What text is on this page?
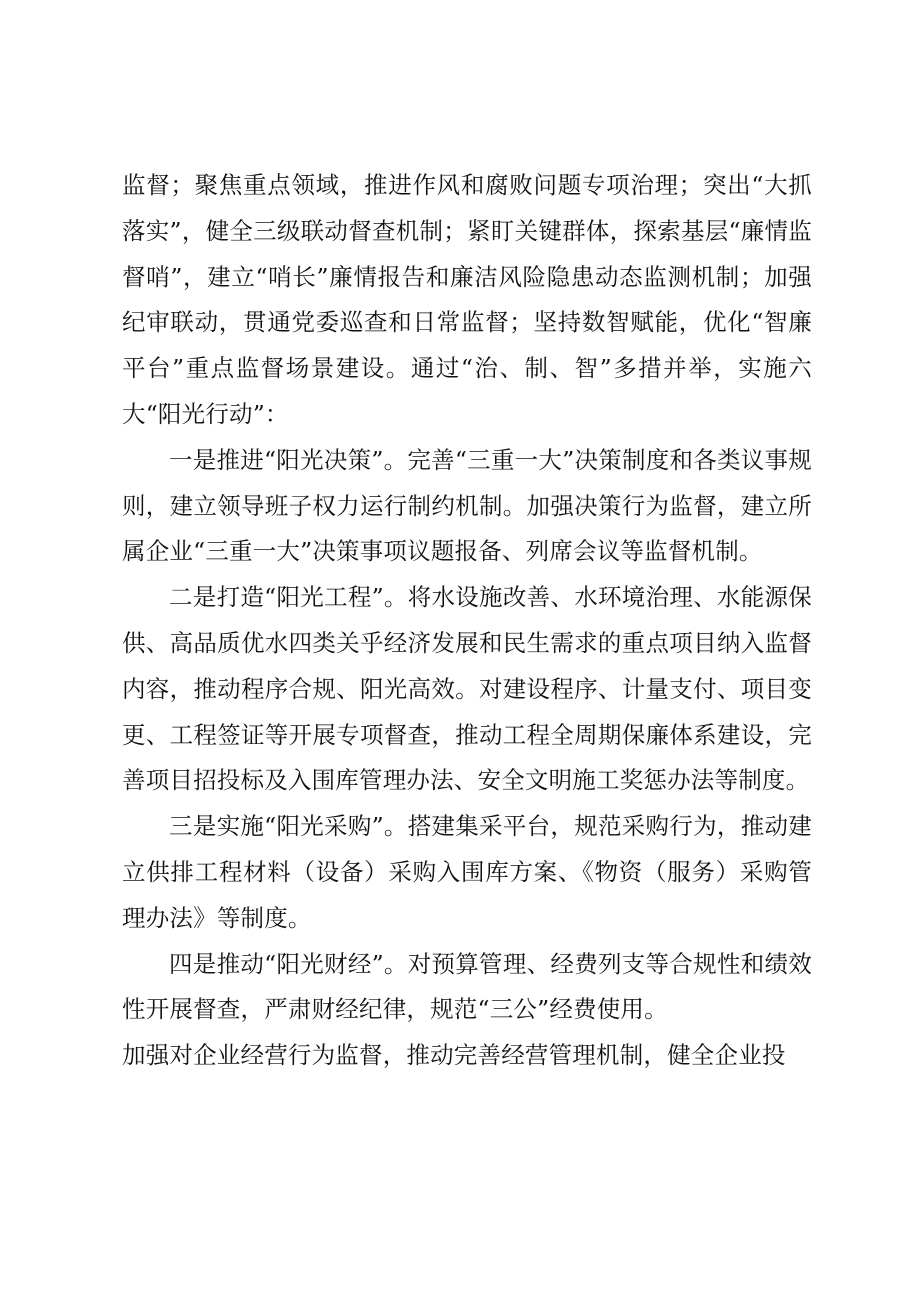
监督；聚焦重点领域，推进作风和腐败问题专项治理；突出“大抓落实”，健全三级联动督查机制；紧盯关键群体，探索基层“廉情监督哨”，建立“哨长”廉情报告和廉洁风险隐患动态监测机制；加强纪审联动，贯通党委巡查和日常监督；坚持数智赋能，优化“智廉平台”重点监督场景建设。通过“治、制、智”多措并举，实施六大“阳光行动”：

一是推进“阳光决策”。完善“三重一大”决策制度和各类议事规则，建立领导班子权力运行制约机制。加强决策行为监督，建立所属企业“三重一大”决策事项议题报备、列席会议等监督机制。

二是打造“阳光工程”。将水设施改善、水环境治理、水能源保供、高品质优水四类关乎经济发展和民生需求的重点项目纳入监督内容，推动程序合规、阳光高效。对建设程序、计量支付、项目变更、工程签证等开展专项督查，推动工程全周期保廉体系建设，完善项目招投标及入围库管理办法、安全文明施工奖惩办法等制度。

三是实施“阳光采购”。搭建集采平台，规范采购行为，推动建立供排工程材料（设备）采购入围库方案、《物资（服务）采购管理办法》等制度。

四是推动“阳光财经”。对预算管理、经费列支等合规性和绩效性开展督查，严肃财经纪律，规范“三公”经费使用。

加强对企业经营行为监督，推动完善经营管理机制，健全企业投
